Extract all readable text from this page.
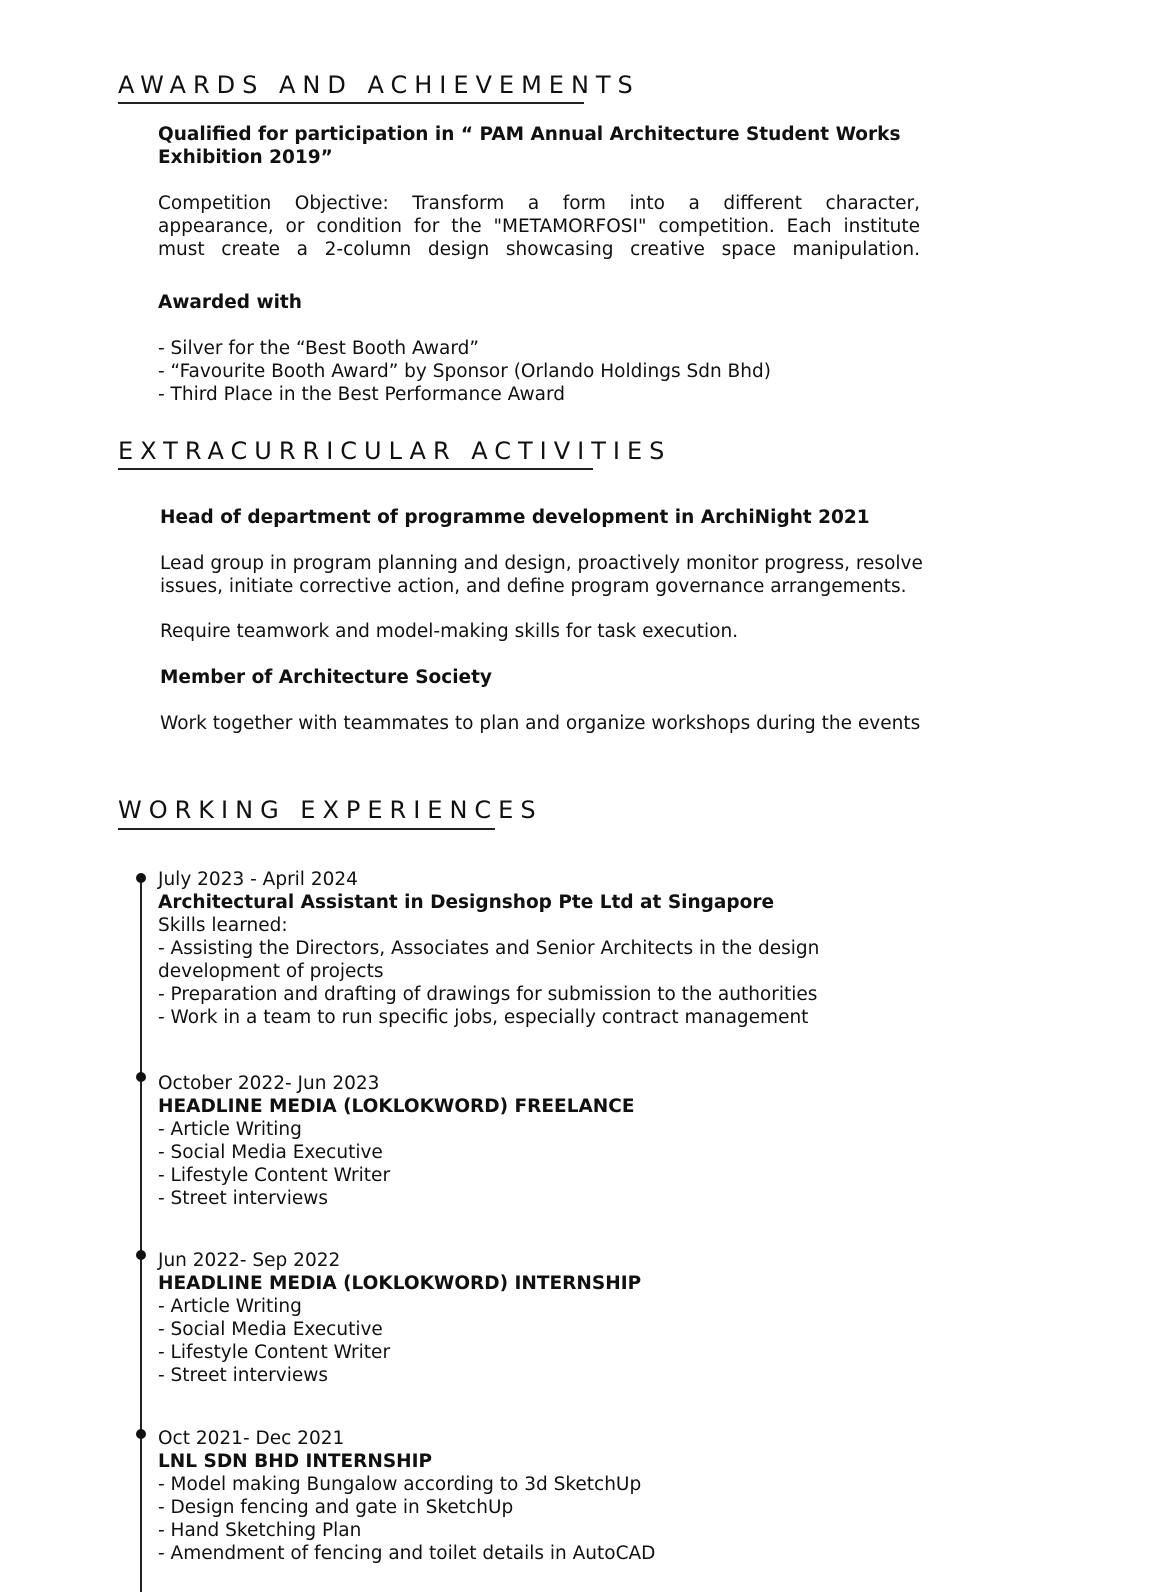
AWARDS AND ACHIEVEMENTS
Qualified for participation in “ PAM Annual Architecture Student Works
Exhibition 2019”
Competition Objective: Transform a form into a different character,
appearance, or condition for the "METAMORFOSI" competition. Each institute
must create a 2-column design showcasing creative space manipulation.
Awarded with
- Silver for the “Best Booth Award”
- “Favourite Booth Award” by Sponsor (Orlando Holdings Sdn Bhd)
- Third Place in the Best Performance Award
EXTRACURRICULAR ACTIVITIES
Head of department of programme development in ArchiNight 2021
Lead group in program planning and design, proactively monitor progress, resolve
issues, initiate corrective action, and define program governance arrangements.
Require teamwork and model-making skills for task execution.
Member of Architecture Society
Work together with teammates to plan and organize workshops during the events
WORKING EXPERIENCES
July 2023 - April 2024
Architectural Assistant in Designshop Pte Ltd at Singapore
Skills learned:
- Assisting the Directors, Associates and Senior Architects in the design
development of projects
- Preparation and drafting of drawings for submission to the authorities
- Work in a team to run specific jobs, especially contract management
October 2022- Jun 2023
HEADLINE MEDIA (LOKLOKWORD) FREELANCE
- Article Writing
- Social Media Executive
- Lifestyle Content Writer
- Street interviews
Jun 2022- Sep 2022
HEADLINE MEDIA (LOKLOKWORD) INTERNSHIP
- Article Writing
- Social Media Executive
- Lifestyle Content Writer
- Street interviews
Oct 2021- Dec 2021
LNL SDN BHD INTERNSHIP
- Model making Bungalow according to 3d SketchUp
- Design fencing and gate in SketchUp
- Hand Sketching Plan
- Amendment of fencing and toilet details in AutoCAD
